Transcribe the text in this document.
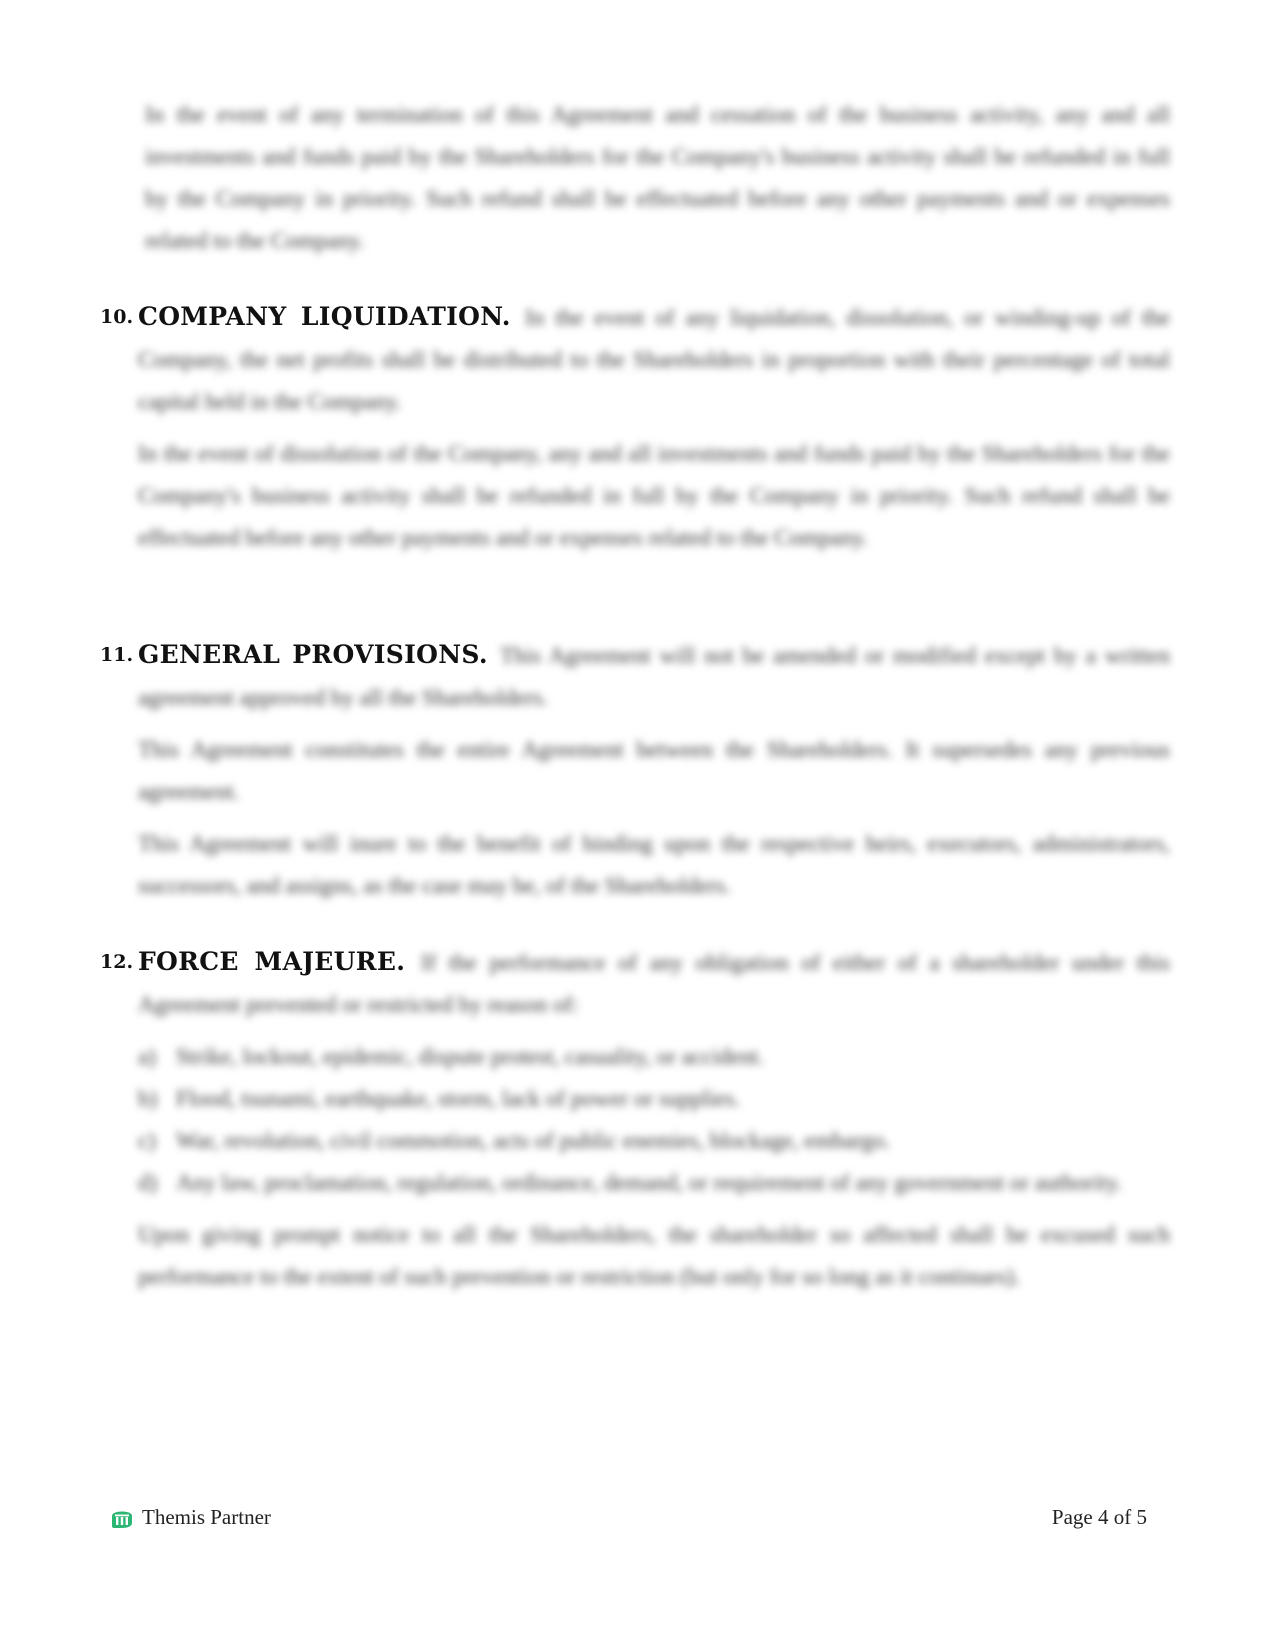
In the event of any termination of this Agreement and cessation of the business activity, any and all investments and funds paid by the Shareholders for the Company's business activity shall be refunded in full by the Company in priority. Such refund shall be effectuated before any other payments and or expenses related to the Company.

10. COMPANY LIQUIDATION. In the event of any liquidation, dissolution, or winding-up of the Company, the net profits shall be distributed to the Shareholders in proportion with their percentage of total capital held in the Company.
In the event of dissolution of the Company, any and all investments and funds paid by the Shareholders for the Company's business activity shall be refunded in full by the Company in priority. Such refund shall be effectuated before any other payments and or expenses related to the Company.
11. GENERAL PROVISIONS. This Agreement will not be amended or modified except by a written agreement approved by all the Shareholders.
This Agreement constitutes the entire Agreement between the Shareholders. It supersedes any previous agreement.
This Agreement will inure to the benefit of binding upon the respective heirs, executors, administrators, successors, and assigns, as the case may be, of the Shareholders.
12. FORCE MAJEURE. If the performance of any obligation of either of a shareholder under this Agreement prevented or restricted by reason of:
a) Strike, lockout, epidemic, dispute protest, casuality, or accident.
b) Flood, tsunami, earthquake, storm, lack of power or supplies.
c) War, revolution, civil commotion, acts of public enemies, blockage, embargo.
d) Any law, proclamation, regulation, ordinance, demand, or requirement of any government or authority.
Upon giving prompt notice to all the Shareholders, the shareholder so affected shall be excused such performance to the extent of such prevention or restriction (but only for so long as it continues).
Themis Partner	Page 4 of 5
